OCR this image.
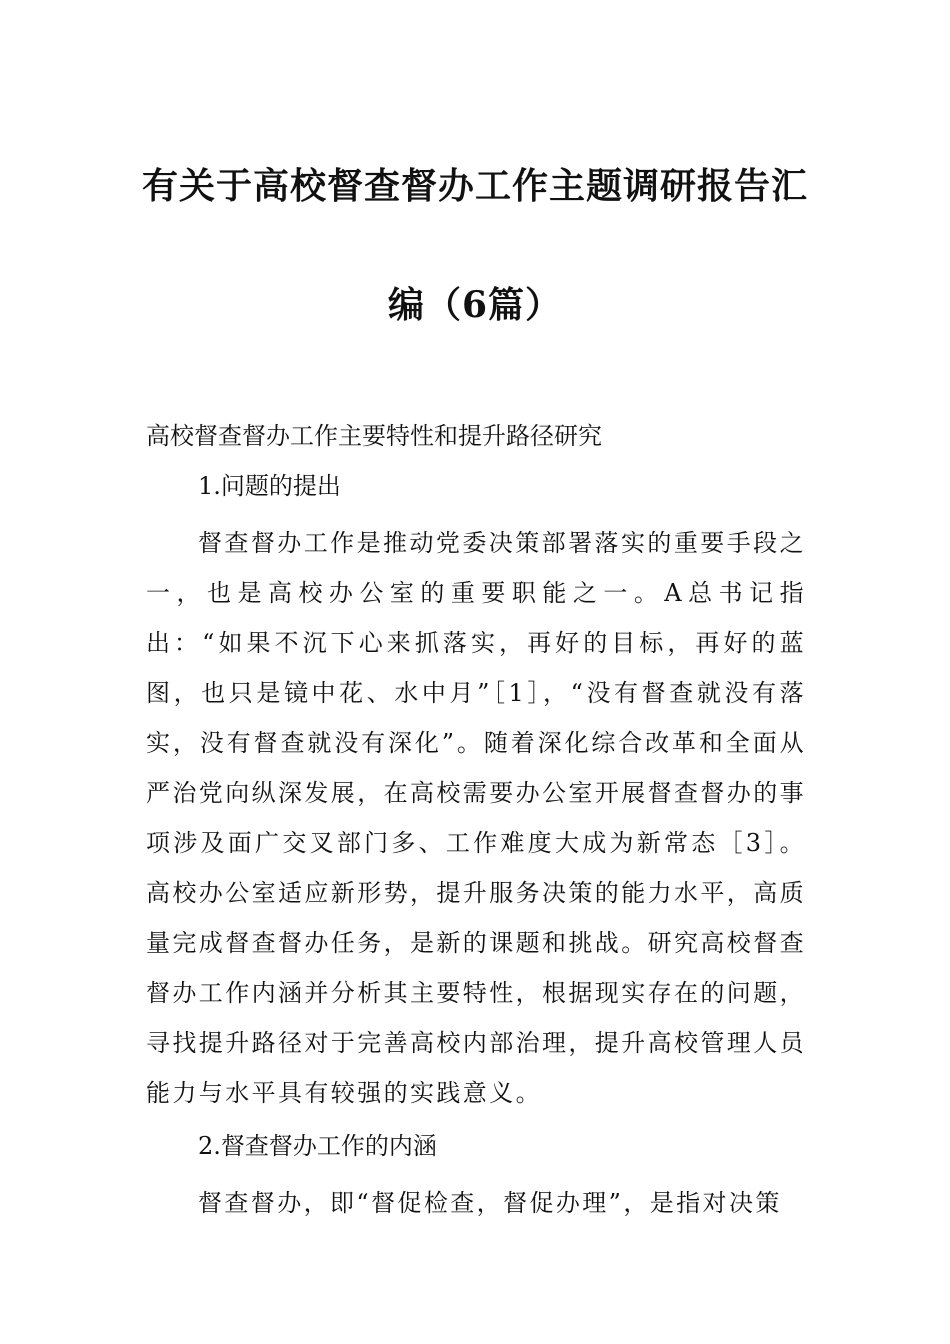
有关于高校督查督办工作主题调研报告汇
编（6篇）

高校督查督办工作主要特性和提升路径研究

1.问题的提出

督查督办工作是推动党委决策部署落实的重要手段之一，也是高校办公室的重要职能之一。A总书记指出：“如果不沉下心来抓落实，再好的目标，再好的蓝图，也只是镜中花、水中月”［1］，“没有督查就没有落实，没有督查就没有深化”。随着深化综合改革和全面从严治党向纵深发展，在高校需要办公室开展督查督办的事项涉及面广交叉部门多、工作难度大成为新常态［3］。高校办公室适应新形势，提升服务决策的能力水平，高质量完成督查督办任务，是新的课题和挑战。研究高校督查督办工作内涵并分析其主要特性，根据现实存在的问题，寻找提升路径对于完善高校内部治理，提升高校管理人员能力与水平具有较强的实践意义。

2.督查督办工作的内涵

督查督办，即“督促检查，督促办理”，是指对决策
